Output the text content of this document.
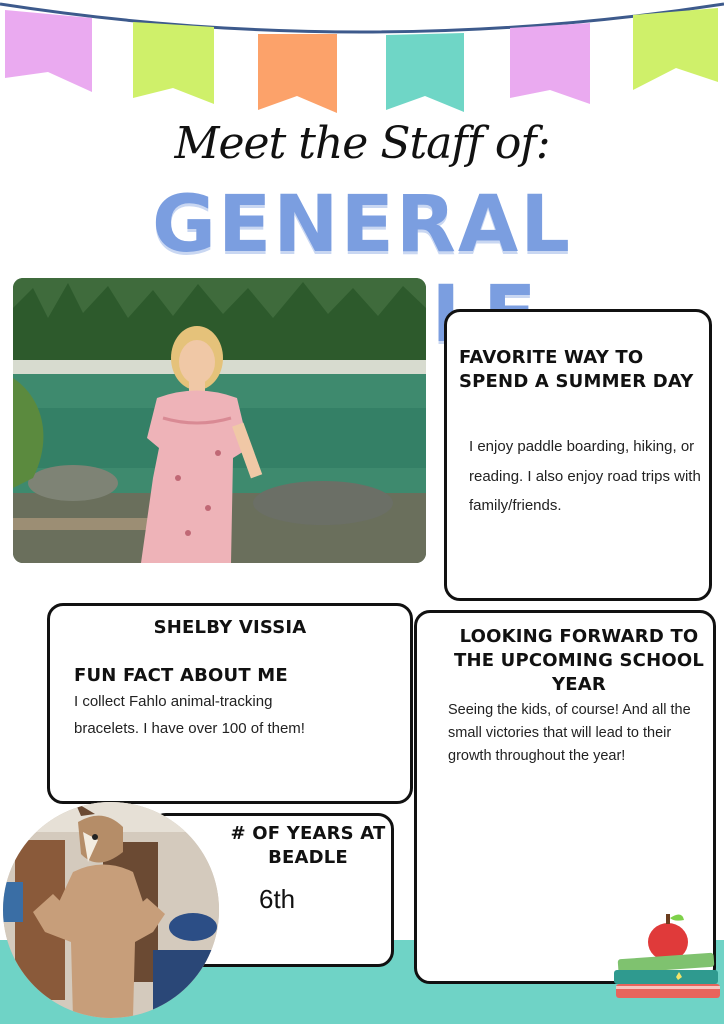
Meet the Staff of:
GENERAL
FAVORITE WAY TO SPEND A SUMMER DAY
I enjoy paddle boarding, hiking, or reading. I also enjoy road trips with family/friends.
SHELBY VISSIA
FUN FACT ABOUT ME
I collect Fahlo animal-tracking bracelets. I have over 100 of them!
LOOKING FORWARD TO THE UPCOMING SCHOOL YEAR
Seeing the kids, of course! And all the small victories that will lead to their growth throughout the year!
# OF YEARS AT BEADLE
6th
